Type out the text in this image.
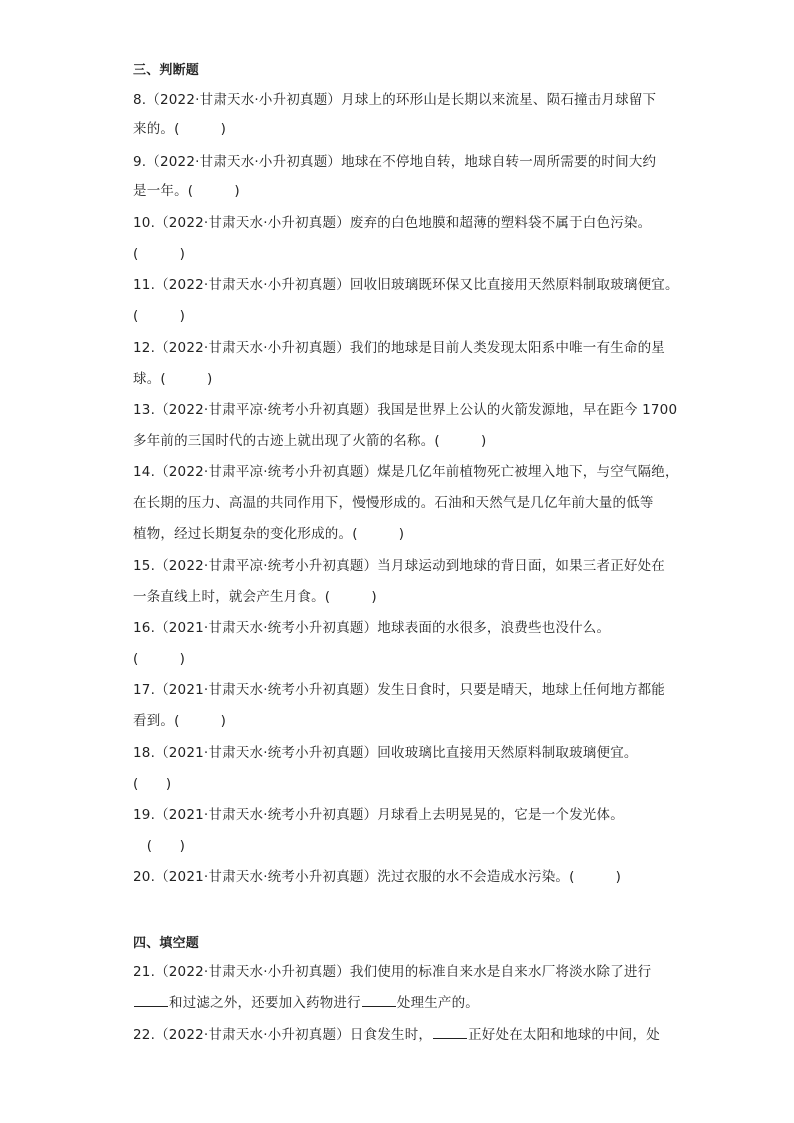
三、判断题
8.（2022·甘肃天水·小升初真题）月球上的环形山是长期以来流星、陨石撞击月球留下
来的。(　　　)
9.（2022·甘肃天水·小升初真题）地球在不停地自转，地球自转一周所需要的时间大约
是一年。(　　　)
10.（2022·甘肃天水·小升初真题）废弃的白色地膜和超薄的塑料袋不属于白色污染。
(　　　)
11.（2022·甘肃天水·小升初真题）回收旧玻璃既环保又比直接用天然原料制取玻璃便宜。
(　　　)
12.（2022·甘肃天水·小升初真题）我们的地球是目前人类发现太阳系中唯一有生命的星
球。(　　　)
13.（2022·甘肃平凉·统考小升初真题）我国是世界上公认的火箭发源地，早在距今 1700
多年前的三国时代的古迹上就出现了火箭的名称。(　　　)
14.（2022·甘肃平凉·统考小升初真题）煤是几亿年前植物死亡被埋入地下，与空气隔绝，
在长期的压力、高温的共同作用下，慢慢形成的。石油和天然气是几亿年前大量的低等
植物，经过长期复杂的变化形成的。(　　　)
15.（2022·甘肃平凉·统考小升初真题）当月球运动到地球的背日面，如果三者正好处在
一条直线上时，就会产生月食。(　　　)
16.（2021·甘肃天水·统考小升初真题）地球表面的水很多，浪费些也没什么。
(　　　)
17.（2021·甘肃天水·统考小升初真题）发生日食时，只要是晴天，地球上任何地方都能
看到。(　　　)
18.（2021·甘肃天水·统考小升初真题）回收玻璃比直接用天然原料制取玻璃便宜。
(　　)
19.（2021·甘肃天水·统考小升初真题）月球看上去明晃晃的，它是一个发光体。
　(　　)
20.（2021·甘肃天水·统考小升初真题）洗过衣服的水不会造成水污染。(　　　)
四、填空题
21.（2022·甘肃天水·小升初真题）我们使用的标准自来水是自来水厂将淡水除了进行
和过滤之外，还要加入药物进行	处理生产的。
22.（2022·甘肃天水·小升初真题）日食发生时，	正好处在太阳和地球的中间，处
